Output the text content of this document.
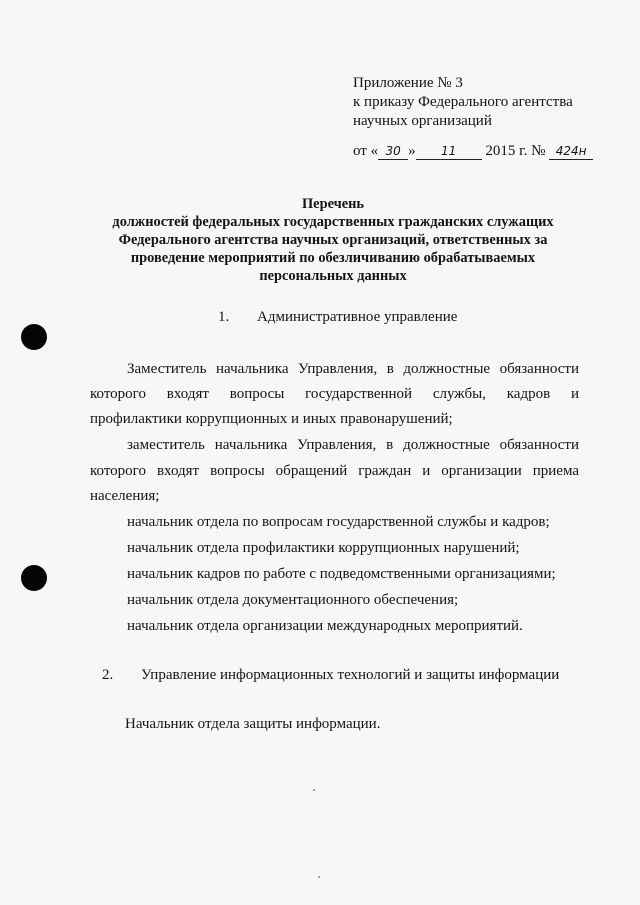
Приложение № 3
к приказу Федерального агентства
научных организаций
от « 30 » 11 2015 г. № 424н
Перечень
должностей федеральных государственных гражданских служащих
Федерального агентства научных организаций, ответственных за
проведение мероприятий по обезличиванию обрабатываемых
персональных данных
1. Административное управление
Заместитель начальника Управления, в должностные обязанности
которого входят вопросы государственной службы, кадров и
профилактики коррупционных и иных правонарушений;
заместитель начальника Управления, в должностные обязанности
которого входят вопросы обращений граждан и организации приема
населения;
начальник отдела по вопросам государственной службы и кадров;
начальник отдела профилактики коррупционных нарушений;
начальник кадров по работе с подведомственными организациями;
начальник отдела документационного обеспечения;
начальник отдела организации международных мероприятий.
2. Управление информационных технологий и защиты информации
Начальник отдела защиты информации.
